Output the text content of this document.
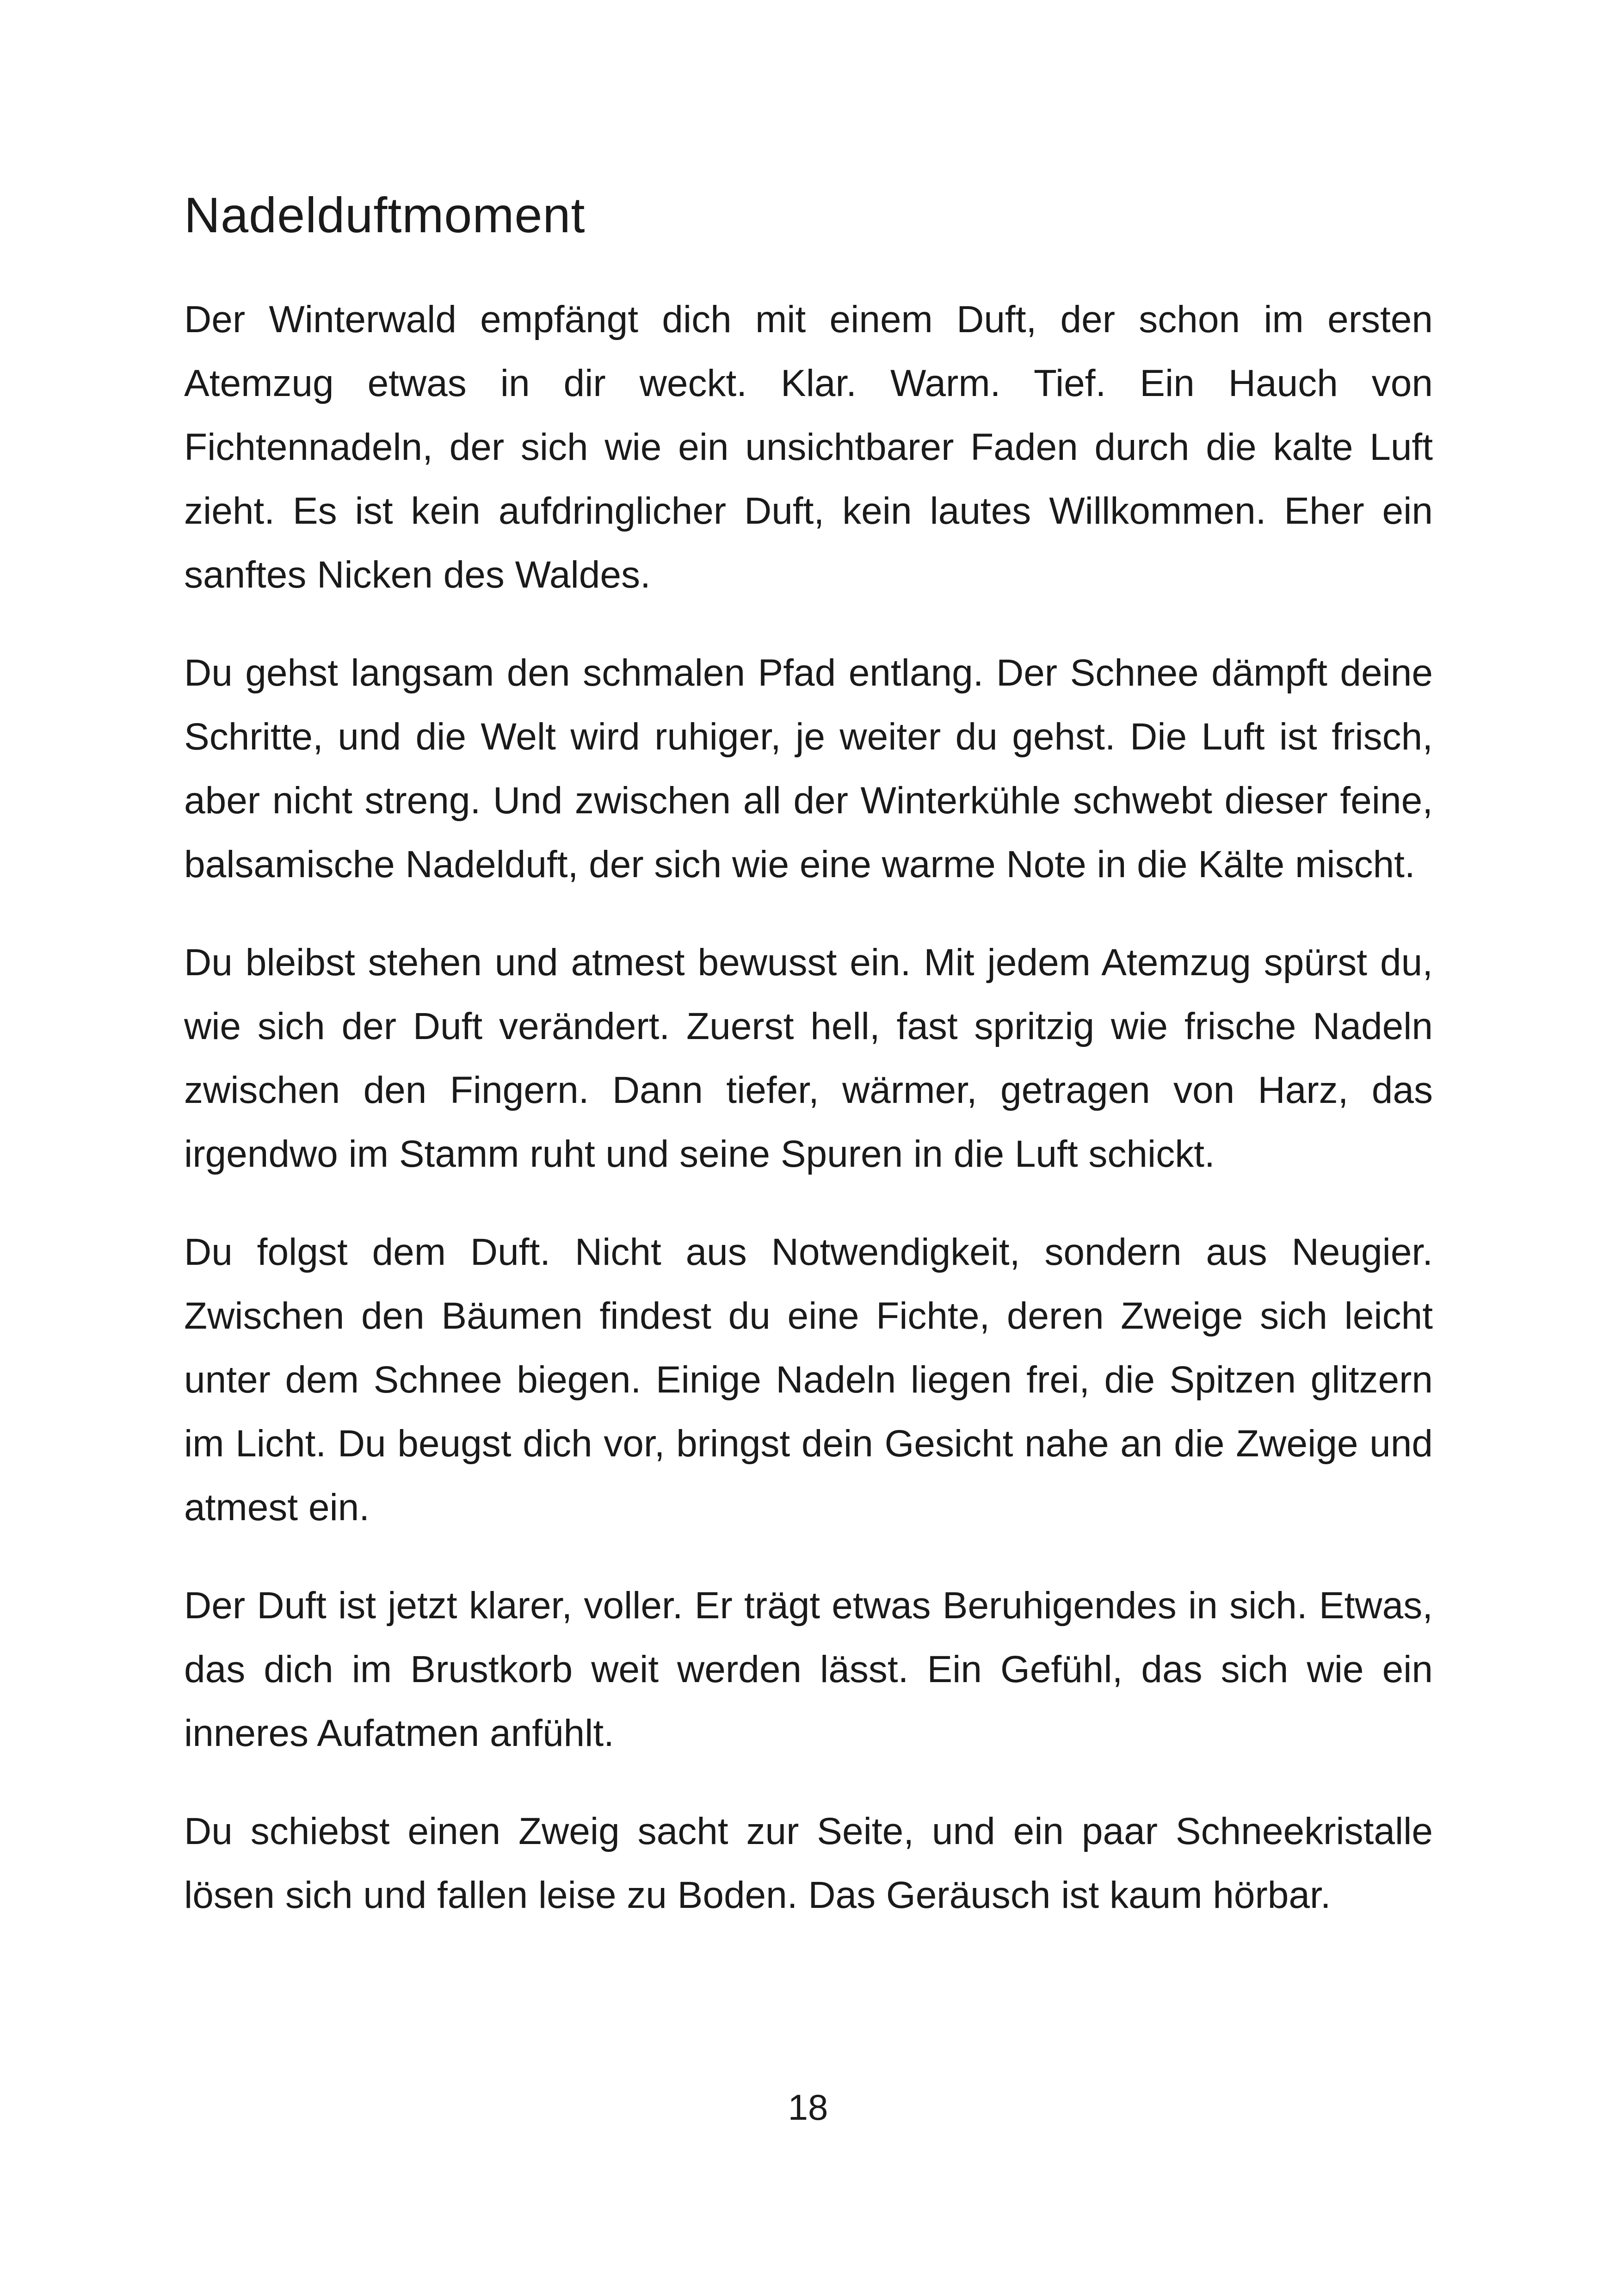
Nadelduftmoment

Der Winterwald empfängt dich mit einem Duft, der schon im ersten Atemzug etwas in dir weckt. Klar. Warm. Tief. Ein Hauch von Fichtennadeln, der sich wie ein unsichtbarer Faden durch die kalte Luft zieht. Es ist kein aufdringlicher Duft, kein lautes Willkommen. Eher ein sanftes Nicken des Waldes.

Du gehst langsam den schmalen Pfad entlang. Der Schnee dämpft deine Schritte, und die Welt wird ruhiger, je weiter du gehst. Die Luft ist frisch, aber nicht streng. Und zwischen all der Winterkühle schwebt dieser feine, balsamische Nadelduft, der sich wie eine warme Note in die Kälte mischt.

Du bleibst stehen und atmest bewusst ein. Mit jedem Atemzug spürst du, wie sich der Duft verändert. Zuerst hell, fast spritzig wie frische Nadeln zwischen den Fingern. Dann tiefer, wärmer, getragen von Harz, das irgendwo im Stamm ruht und seine Spuren in die Luft schickt.

Du folgst dem Duft. Nicht aus Notwendigkeit, sondern aus Neugier. Zwischen den Bäumen findest du eine Fichte, deren Zweige sich leicht unter dem Schnee biegen. Einige Nadeln liegen frei, die Spitzen glitzern im Licht. Du beugst dich vor, bringst dein Gesicht nahe an die Zweige und atmest ein.

Der Duft ist jetzt klarer, voller. Er trägt etwas Beruhigendes in sich. Etwas, das dich im Brustkorb weit werden lässt. Ein Gefühl, das sich wie ein inneres Aufatmen anfühlt.

Du schiebst einen Zweig sacht zur Seite, und ein paar Schneekristalle lösen sich und fallen leise zu Boden. Das Geräusch ist kaum hörbar.

18
